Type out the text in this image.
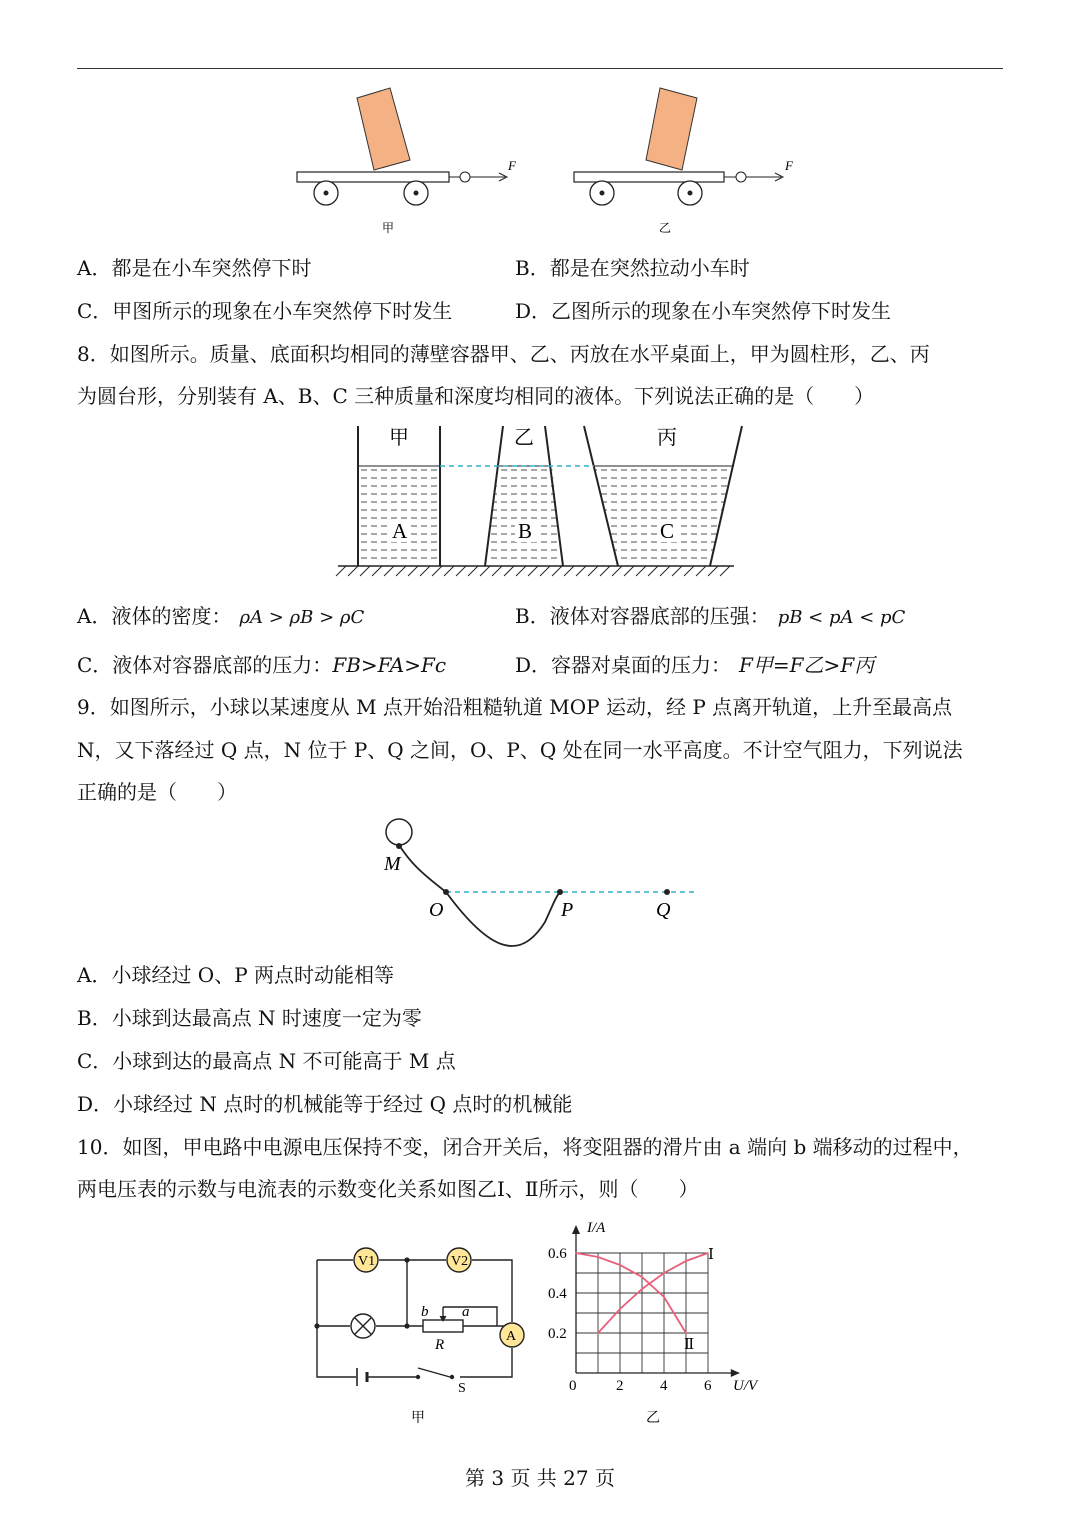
F	F
甲	乙
A．都是在小车突然停下时	B．都是在突然拉动小车时
C．甲图所示的现象在小车突然停下时发生	D．乙图所示的现象在小车突然停下时发生
8．如图所示。质量、底面积均相同的薄壁容器甲、乙、丙放在水平桌面上，甲为圆柱形，乙、丙
为圆台形，分别装有 A、B、C 三种质量和深度均相同的液体。下列说法正确的是（　　）
甲	乙	丙
A	B	C
A．液体的密度： ρA > ρB > ρC	B．液体对容器底部的压强： pB < pA < pC
C．液体对容器底部的压力：FB>FA>Fc	D．容器对桌面的压力： F甲=F乙>F丙
9．如图所示，小球以某速度从 M 点开始沿粗糙轨道 MOP 运动，经 P 点离开轨道，上升至最高点
N，又下落经过 Q 点，N 位于 P、Q 之间，O、P、Q 处在同一水平高度。不计空气阻力，下列说法
正确的是（　　）
M
O	P	Q
A．小球经过 O、P 两点时动能相等
B．小球到达最高点 N 时速度一定为零
C．小球到达的最高点 N 不可能高于 M 点
D．小球经过 N 点时的机械能等于经过 Q 点时的机械能
10．如图，甲电路中电源电压保持不变，闭合开关后，将变阻器的滑片由 a 端向 b 端移动的过程中，
两电压表的示数与电流表的示数变化关系如图乙Ⅰ、Ⅱ所示，则（　　）
V1	V2
A
b a
R
S
甲
2 4 6
0.2
0.4
0.6
I/A
U/V
0
Ⅰ
Ⅱ
乙
第 3 页 共 27 页
